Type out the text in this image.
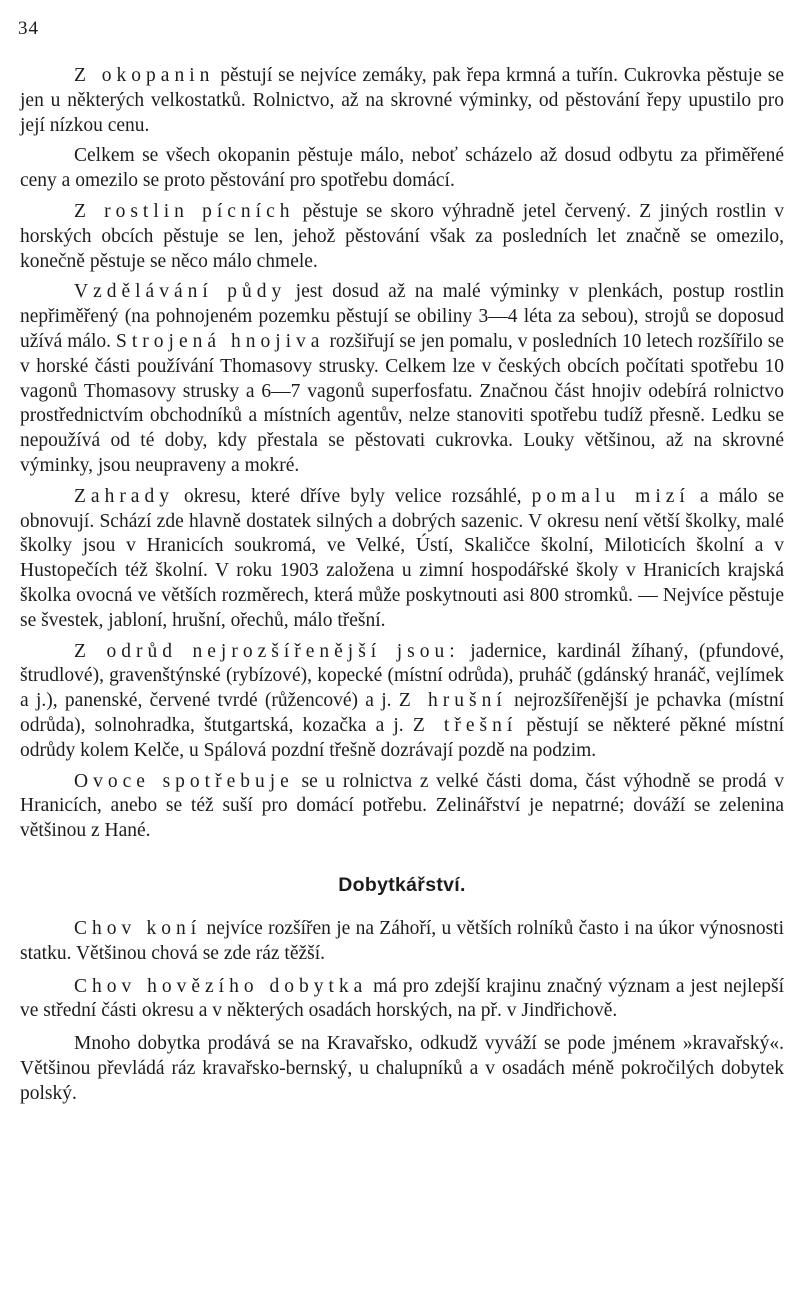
34

Z okopanin pěstují se nejvíce zemáky, pak řepa krmná a tuřín. Cukrovka pěstuje se jen u některých velkostatků. Rolnictvo, až na skrovné výminky, od pěstování řepy upustilo pro její nízkou cenu.

Celkem se všech okopanin pěstuje málo, neboť scházelo až dosud odbytu za přiměřené ceny a omezilo se proto pěstování pro spotřebu domácí.

Z rostlin pícních pěstuje se skoro výhradně jetel červený. Z jiných rostlin v horských obcích pěstuje se len, jehož pěstování však za posledních let značně se omezilo, konečně pěstuje se něco málo chmele.

Vzdělávání půdy jest dosud až na malé výminky v plenkách, postup rostlin nepřiměřený (na pohnojeném pozemku pěstují se obiliny 3—4 léta za sebou), strojů se doposud užívá málo. Strojená hnojiva rozšiřují se jen pomalu, v posledních 10 letech rozšířilo se v horské části používání Thomasovy strusky. Celkem lze v českých obcích počítati spotřebu 10 vagonů Thomasovy strusky a 6—7 vagonů superfosfatu. Značnou část hnojiv odebírá rolnictvo prostřednictvím obchodníků a místních agentův, nelze stanoviti spotřebu tudíž přesně. Ledku se nepoužívá od té doby, kdy přestala se pěstovati cukrovka. Louky většinou, až na skrovné výminky, jsou neupraveny a mokré.

Zahrady okresu, které dříve byly velice rozsáhlé, pomalu mizí a málo se obnovují. Schází zde hlavně dostatek silných a dobrých sazenic. V okresu není větší školky, malé školky jsou v Hranicích soukromá, ve Velké, Ústí, Skaličce školní, Miloticích školní a v Hustopečích též školní. V roku 1903 založena u zimní hospodářské školy v Hranicích krajská školka ovocná ve větších rozměrech, která může poskytnouti asi 800 stromků. — Nejvíce pěstuje se švestek, jabloní, hrušní, ořechů, málo třešní.

Z odrůd nejrozšířenější jsou: jadernice, kardinál žíhaný, (pfundové, štrudlové), gravenštýnské (rybízové), kopecké (místní odrůda), pruháč (gdánský hranáč, vejlímek a j.), panenské, červené tvrdé (růžencové) a j. Z hrušní nejrozšířenější je pchavka (místní odrůda), solnohradka, štutgartská, kozačka a j. Z třešní pěstují se některé pěkné místní odrůdy kolem Kelče, u Spálová pozdní třešně dozrávají pozdě na podzim.

Ovoce spotřebuje se u rolnictva z velké části doma, část výhodně se prodá v Hranicích, anebo se též suší pro domácí potřebu. Zelinářství je nepatrné; dováží se zelenina většinou z Hané.

Dobytkářství.

Chov koní nejvíce rozšířen je na Záhoří, u větších rolníků často i na úkor výnosnosti statku. Většinou chová se zde ráz těžší.

Chov hovězího dobytka má pro zdejší krajinu značný význam a jest nejlepší ve střední části okresu a v některých osadách horských, na př. v Jindřichově.

Mnoho dobytka prodává se na Kravařsko, odkudž vyváží se pode jménem »kravařský«. Většinou převládá ráz kravařsko-bernský, u chalupníků a v osadách méně pokročilých dobytek polský.
